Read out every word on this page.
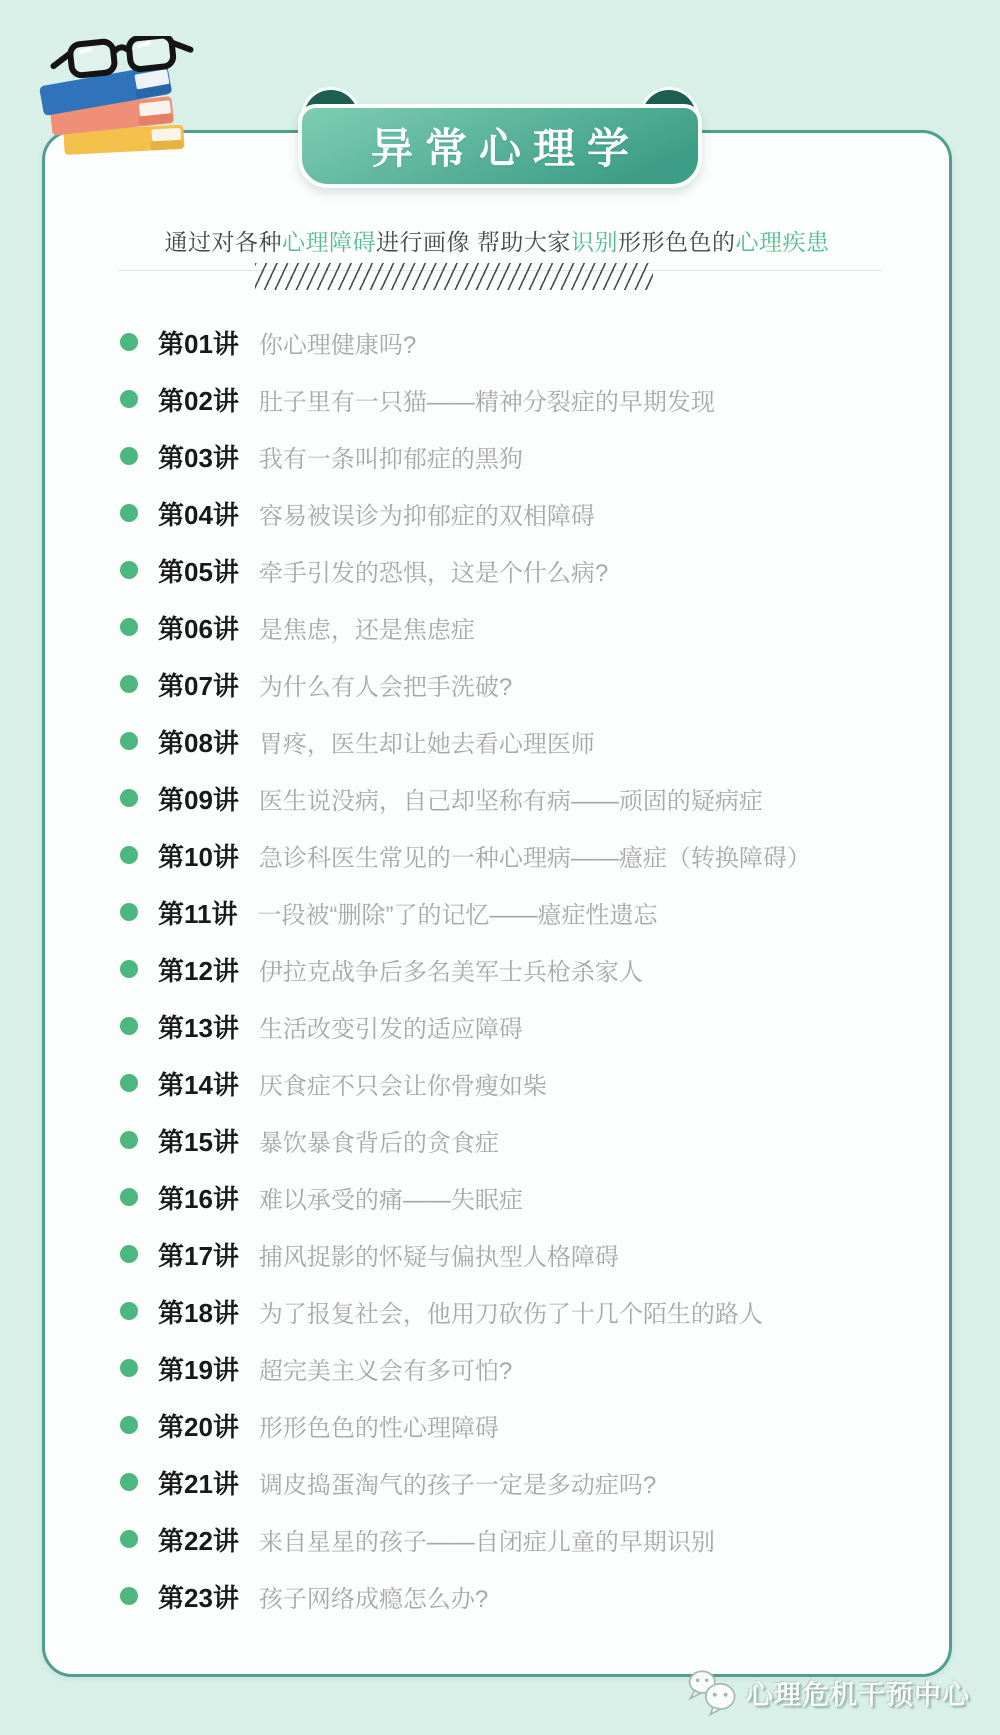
异常心理学
通过对各种心理障碍进行画像 帮助大家识别形形色色的心理疾患
第01讲 你心理健康吗?
第02讲 肚子里有一只猫——精神分裂症的早期发现
第03讲 我有一条叫抑郁症的黑狗
第04讲 容易被误诊为抑郁症的双相障碍
第05讲 牵手引发的恐惧，这是个什么病?
第06讲 是焦虑，还是焦虑症
第07讲 为什么有人会把手洗破?
第08讲 胃疼，医生却让她去看心理医师
第09讲 医生说没病，自己却坚称有病——顽固的疑病症
第10讲 急诊科医生常见的一种心理病——癔症（转换障碍）
第11讲 一段被“删除”了的记忆——癔症性遗忘
第12讲 伊拉克战争后多名美军士兵枪杀家人
第13讲 生活改变引发的适应障碍
第14讲 厌食症不只会让你骨瘦如柴
第15讲 暴饮暴食背后的贪食症
第16讲 难以承受的痛——失眠症
第17讲 捕风捉影的怀疑与偏执型人格障碍
第18讲 为了报复社会，他用刀砍伤了十几个陌生的路人
第19讲 超完美主义会有多可怕?
第20讲 形形色色的性心理障碍
第21讲 调皮捣蛋淘气的孩子一定是多动症吗?
第22讲 来自星星的孩子——自闭症儿童的早期识别
第23讲 孩子网络成瘾怎么办?
心理危机干预中心
